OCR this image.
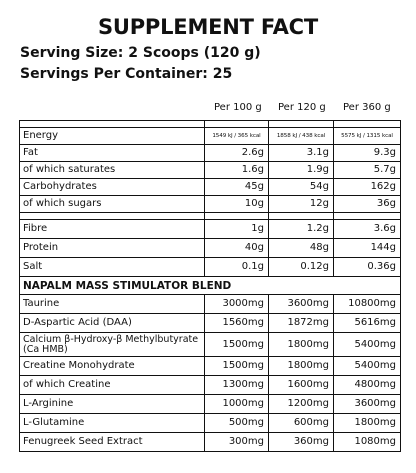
SUPPLEMENT FACT
Serving Size: 2 Scoops (120 g)
Servings Per Container: 25
Per 100 g Per 120 g Per 360 g

Energy	1549 kJ / 365 kcal	1858 kJ / 438 kcal	5575 kJ / 1315 kcal
Fat	2.6g	3.1g	9.3g
of which saturates	1.6g	1.9g	5.7g
Carbohydrates	45g	54g	162g
of which sugars	10g	12g	36g

Fibre	1g	1.2g	3.6g
Protein	40g	48g	144g
Salt	0.1g	0.12g	0.36g
NAPALM MASS STIMULATOR BLEND			
Taurine	3000mg	3600mg	10800mg
D-Aspartic Acid (DAA)	1560mg	1872mg	5616mg
Calcium β-Hydroxy-β Methylbutyrate (Ca HMB)	1500mg	1800mg	5400mg
Creatine Monohydrate	1500mg	1800mg	5400mg
of which Creatine	1300mg	1600mg	4800mg
L-Arginine	1000mg	1200mg	3600mg
L-Glutamine	500mg	600mg	1800mg
Fenugreek Seed Extract	300mg	360mg	1080mg
